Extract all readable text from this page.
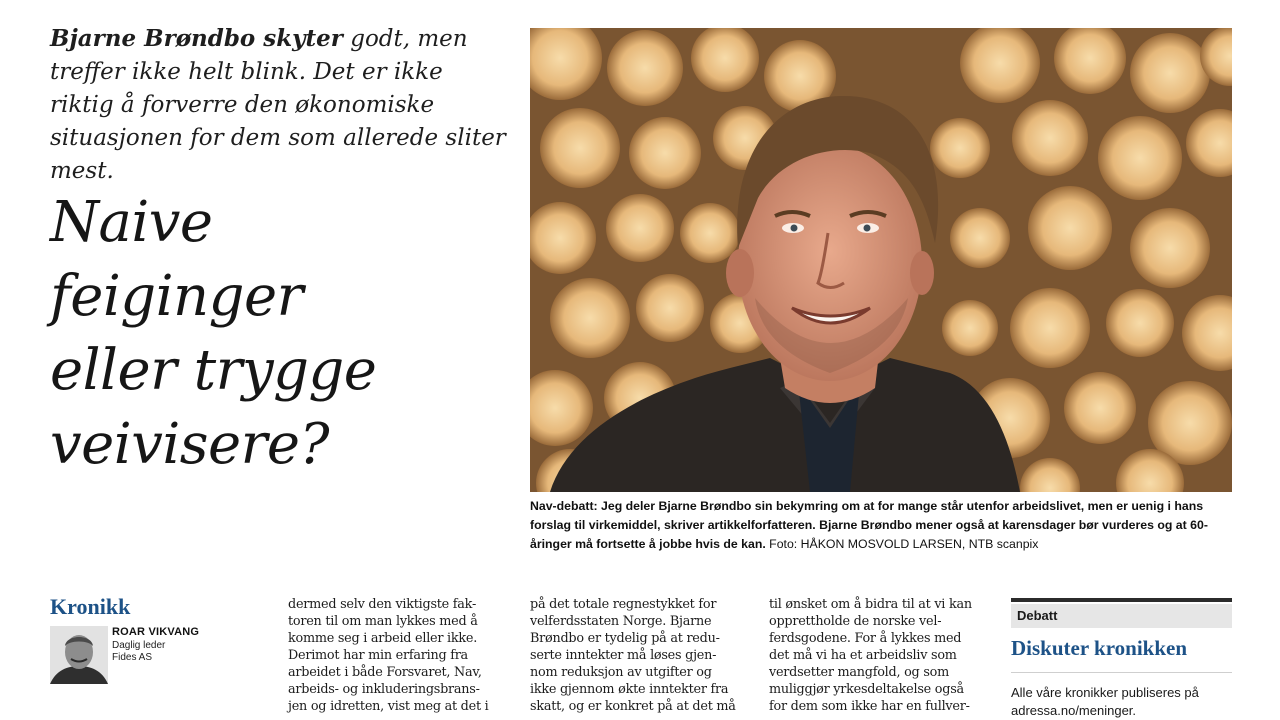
Bjarne Brøndbo skyter godt, men treffer ikke helt blink. Det er ikke riktig å forverre den økonomiske situasjonen for dem som allerede sliter mest.
Naive
feiginger
eller trygge
veivisere?
Nav-debatt: Jeg deler Bjarne Brøndbo sin bekymring om at for mange står utenfor arbeidslivet, men er uenig i hans forslag til virkemiddel, skriver artikkelforfatteren. Bjarne Brøndbo mener også at karensdager bør vurderes og at 60-åringer må fortsette å jobbe hvis de kan. Foto: HÅKON MOSVOLD LARSEN, NTB scanpix
Kronikk
ROAR VIKVANG
Daglig leder
Fides AS
dermed selv den viktigste fak-
toren til om man lykkes med å
komme seg i arbeid eller ikke.
Derimot har min erfaring fra
arbeidet i både Forsvaret, Nav,
arbeids- og inkluderingsbrans-
jen og idretten, vist meg at det i
på det totale regnestykket for
velferdsstaten Norge. Bjarne
Brøndbo er tydelig på at redu-
serte inntekter må løses gjen-
nom reduksjon av utgifter og
ikke gjennom økte inntekter fra
skatt, og er konkret på at det må
til ønsket om å bidra til at vi kan
opprettholde de norske vel-
ferdsgodene. For å lykkes med
det må vi ha et arbeidsliv som
verdsetter mangfold, og som
muliggjør yrkesdeltakelse også
for dem som ikke har en fullver-
Debatt
Diskuter kronikken
Alle våre kronikker publiseres på
adressa.no/meninger.
